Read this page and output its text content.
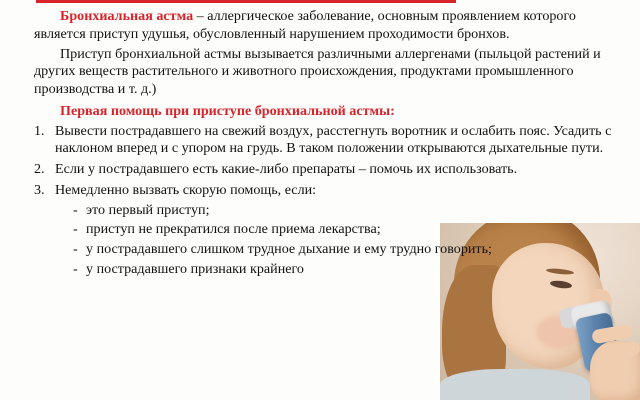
Бронхиальная астма – аллергическое заболевание, основным проявлением которого является приступ удушья, обусловленный нарушением проходимости бронхов.

Приступ бронхиальной астмы вызывается различными аллергенами (пыльцой растений и других веществ растительного и животного происхождения, продуктами промышленного производства и т. д.)

Первая помощь при приступе бронхиальной астмы:

1. Вывести пострадавшего на свежий воздух, расстегнуть воротник и ослабить пояс. Усадить с наклоном вперед и с упором на грудь. В таком положении открываются дыхательные пути.
2. Если у пострадавшего есть какие-либо препараты – помочь их использовать.
3. Немедленно вызвать скорую помощь, если:
- это первый приступ;
- приступ не прекратился после приема лекарства;
- у пострадавшего слишком трудное дыхание и ему трудно говорить;
- у пострадавшего признаки крайнего
